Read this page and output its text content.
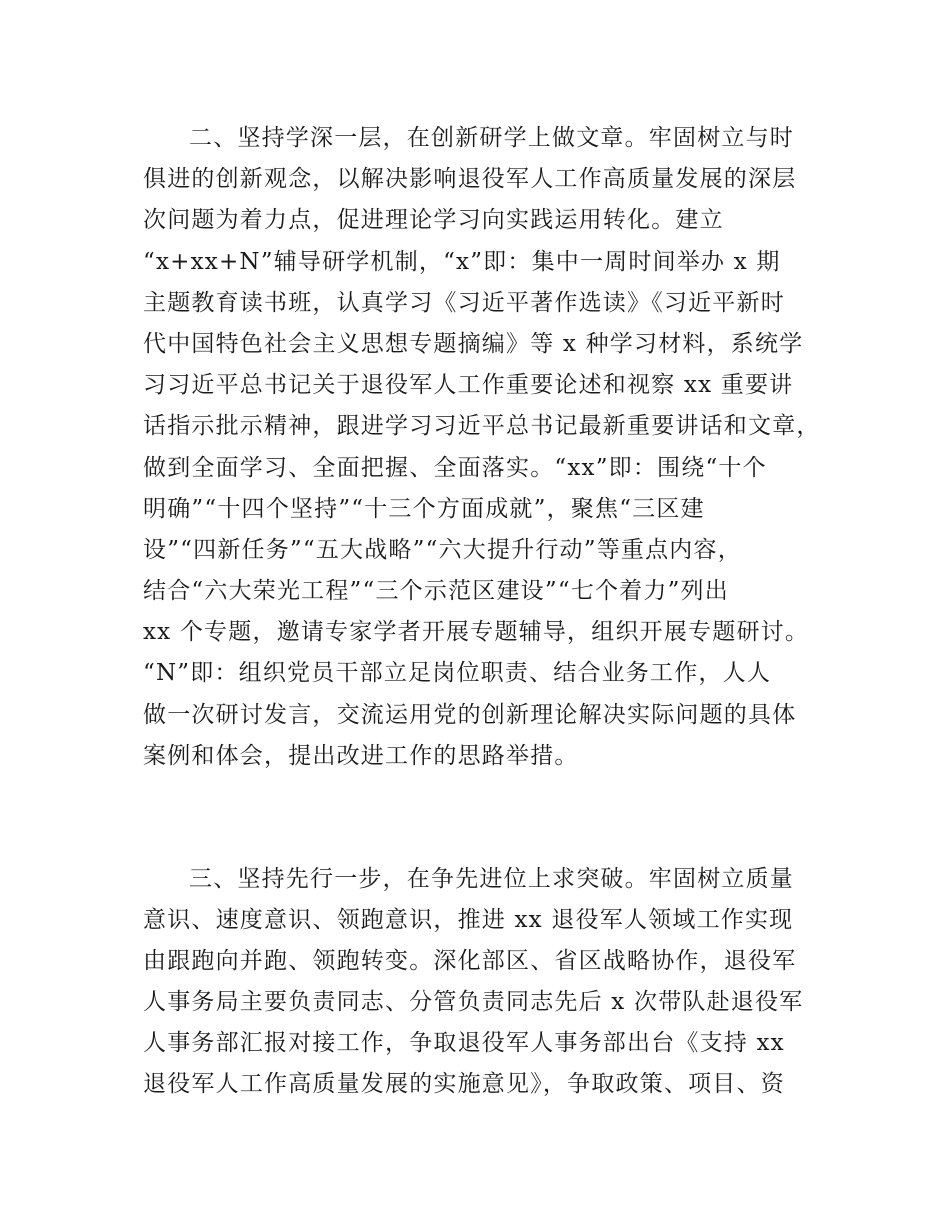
二、坚持学深一层，在创新研学上做文章。牢固树立与时
俱进的创新观念，以解决影响退役军人工作高质量发展的深层
次问题为着力点，促进理论学习向实践运用转化。建立
“x+xx+N”辅导研学机制，“x”即：集中一周时间举办 x 期
主题教育读书班，认真学习《习近平著作选读》《习近平新时
代中国特色社会主义思想专题摘编》等 x 种学习材料，系统学
习习近平总书记关于退役军人工作重要论述和视察 xx 重要讲
话指示批示精神，跟进学习习近平总书记最新重要讲话和文章，
做到全面学习、全面把握、全面落实。“xx”即：围绕“十个
明确”“十四个坚持”“十三个方面成就”，聚焦“三区建
设”“四新任务”“五大战略”“六大提升行动”等重点内容，
结合“六大荣光工程”“三个示范区建设”“七个着力”列出
xx 个专题，邀请专家学者开展专题辅导，组织开展专题研讨。
“N”即：组织党员干部立足岗位职责、结合业务工作，人人
做一次研讨发言，交流运用党的创新理论解决实际问题的具体
案例和体会，提出改进工作的思路举措。
三、坚持先行一步，在争先进位上求突破。牢固树立质量
意识、速度意识、领跑意识，推进 xx 退役军人领域工作实现
由跟跑向并跑、领跑转变。深化部区、省区战略协作，退役军
人事务局主要负责同志、分管负责同志先后 x 次带队赴退役军
人事务部汇报对接工作，争取退役军人事务部出台《支持 xx
退役军人工作高质量发展的实施意见》，争取政策、项目、资
